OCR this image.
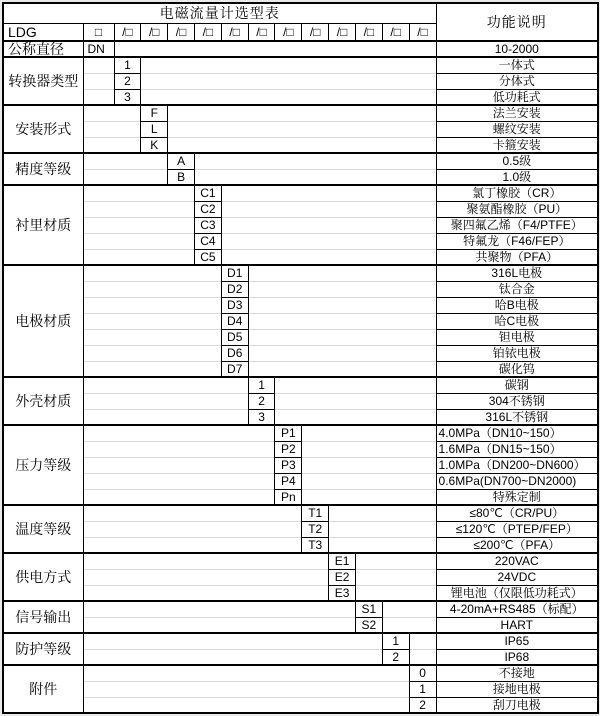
电磁流量计选型表														功能说明
LDG	□	/□	/□	/□	/□	/□	/□	/□	/□	/□	/□	/□	/□	
公称直径	DN													10-2000
转换器类型		1												一体式
		2												分体式
		3												低功耗式
安装形式			F											法兰安装
			L											螺纹安装
			K											卡箍安装
精度等级				A										0.5级
				B										1.0级
衬里材质					C1									氯丁橡胶（CR）
					C2									聚氨酯橡胶（PU）
					C3									聚四氟乙烯（F4/PTFE）
					C4									特氟龙（F46/FEP）
					C5									共聚物（PFA）
电极材质						D1								316L电极
						D2								钛合金
						D3								哈B电极
						D4								哈C电极
						D5								钽电极
						D6								铂铱电极
						D7								碳化钨
外壳材质							1							碳钢
							2							304不锈钢
							3							316L不锈钢
压力等级								P1						4.0MPa（DN10~150）
								P2						1.6MPa（DN15~150）
								P3						1.0MPa（DN200~DN600）
								P4						0.6MPa(DN700~DN2000)
								Pn						特殊定制
温度等级									T1					≤80℃（CR/PU）
									T2					≤120℃（PTEP/FEP）
									T3					≤200℃（PFA）
供电方式										E1				220VAC
										E2				24VDC
										E3				锂电池（仅限低功耗式）
信号输出											S1			4-20mA+RS485（标配）
											S2			HART
防护等级												1		IP65
												2		IP68
附件													0	不接地
													1	接地电极
													2	刮刀电极
